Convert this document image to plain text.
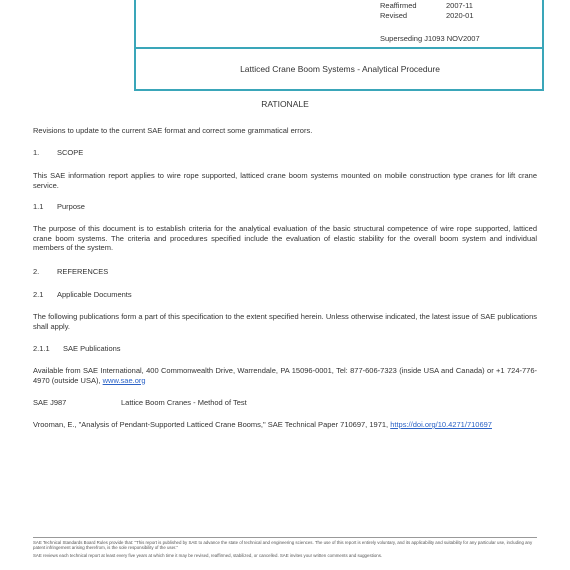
Reaffirmed	2007-11
Revised	2020-01
Superseding J1093 NOV2007
Latticed Crane Boom Systems - Analytical Procedure
RATIONALE
Revisions to update to the current SAE format and correct some grammatical errors.
1.	SCOPE
This SAE information report applies to wire rope supported, latticed crane boom systems mounted on mobile construction type cranes for lift crane service.
1.1	Purpose
The purpose of this document is to establish criteria for the analytical evaluation of the basic structural competence of wire rope supported, latticed crane boom systems. The criteria and procedures specified include the evaluation of elastic stability for the overall boom system and individual members of the system.
2.	REFERENCES
2.1	Applicable Documents
The following publications form a part of this specification to the extent specified herein. Unless otherwise indicated, the latest issue of SAE publications shall apply.
2.1.1	SAE Publications
Available from SAE International, 400 Commonwealth Drive, Warrendale, PA 15096-0001, Tel: 877-606-7323 (inside USA and Canada) or +1 724-776-4970 (outside USA), www.sae.org
SAE J987	Lattice Boom Cranes - Method of Test
Vrooman, E., "Analysis of Pendant-Supported Latticed Crane Booms," SAE Technical Paper 710697, 1971, https://doi.org/10.4271/710697

SAE Technical Standards Board Rules provide that: "This report is published by SAE to advance the state of technical and engineering sciences. The use of this report is entirely voluntary, and its applicability and suitability for any particular use, including any patent infringement arising therefrom, is the sole responsibility of the user."

SAE reviews each technical report at least every five years at which time it may be revised, reaffirmed, stabilized, or cancelled. SAE invites your written comments and suggestions.
